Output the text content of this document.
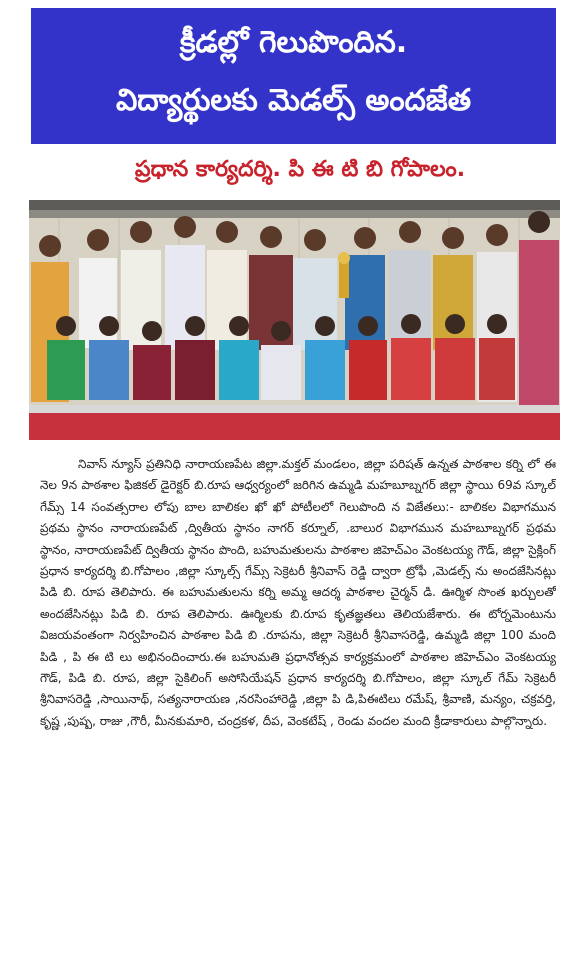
క్రీడల్లో గెలుపొందిన.
విద్యార్థులకు మెడల్స్ అందజేత
ప్రధాన కార్యదర్శి. పి ఈ టి బి గోపాలం.
నివాస్ న్యూస్ ప్రతినిధి నారాయణపేట జిల్లా.మక్తల్ మండలం, జిల్లా పరిషత్ ఉన్నత పాఠశాల కర్ని లో ఈ నెల 9న పాఠశాల ఫిజికల్ డైరెక్టర్ బి.రూప ఆధ్వర్యంలో జరిగిన ఉమ్మడి మహబూబ్నగర్ జిల్లా స్థాయి 69వ స్కూల్ గేమ్స్ 14 సంవత్సరాల లోపు బాల బాలికల ఖో ఖో పోటీలలో గెలుపొంది న విజేతలు:- బాలికల విభాగమున ప్రథమ స్థానం నారాయణపేట్ ,ద్వితీయ స్థానం నాగర్ కర్నూల్, .బాలుర విభాగమున మహబూబ్నగర్ ప్రథమ స్థానం, నారాయణపేట్ ద్వితీయ స్థానం పొంది, బహుమతులను పాఠశాల జిహెచ్ఎం వెంకటయ్య గౌడ్, జిల్లా సైక్లింగ్ ప్రధాన కార్యదర్శి బి.గోపాలం ,జిల్లా స్కూల్స్ గేమ్స్ సెక్రెటరీ శ్రీనివాస్ రెడ్డి ద్వారా ట్రోఫీ ,మెడల్స్ ను అందజేసినట్లు పిడి బి. రూప తెలిపారు. ఈ బహుమతులను కర్ని అమ్మ ఆదర్శ పాఠశాల చైర్మన్ డి. ఊర్మిళ సొంత ఖర్చులతో అందజేసినట్లు పిడి బి. రూప తెలిపారు. ఊర్మిలకు బి.రూప కృతజ్ఞతలు తెలియజేశారు. ఈ టోర్నమెంటును విజయవంతంగా నిర్వహించిన పాఠశాల పిడి బి .రూపను, జిల్లా సెక్రెటరీ శ్రీనివాసరెడ్డి, ఉమ్మడి జిల్లా 100 మంది పిడి , పి ఈ టి లు అభినందించారు.ఈ బహుమతి ప్రధానోత్సవ కార్యక్రమంలో పాఠశాల జిహెచ్ఎం వెంకటయ్య గౌడ్, పిడి బి. రూప, జిల్లా సైకిలింగ్ అసోసియేషన్ ప్రధాన కార్యదర్శి బి.గోపాలం, జిల్లా స్కూల్ గేమ్ సెక్రెటరీ శ్రీనివాసరెడ్డి ,సాయినాథ్, సత్యనారాయణ ,నరసింహారెడ్డి ,జిల్లా పి డి,పిఈటిలు రమేష్, శ్రీవాణి, మన్యం, చక్రవర్తి, కృష్ణ ,పుష్ప, రాజు ,గౌరీ, మీనకుమారి, చంద్రకళ, దీప, వెంకటేష్ , రెండు వందల మంది క్రీడాకారులు పాల్గొన్నారు.
